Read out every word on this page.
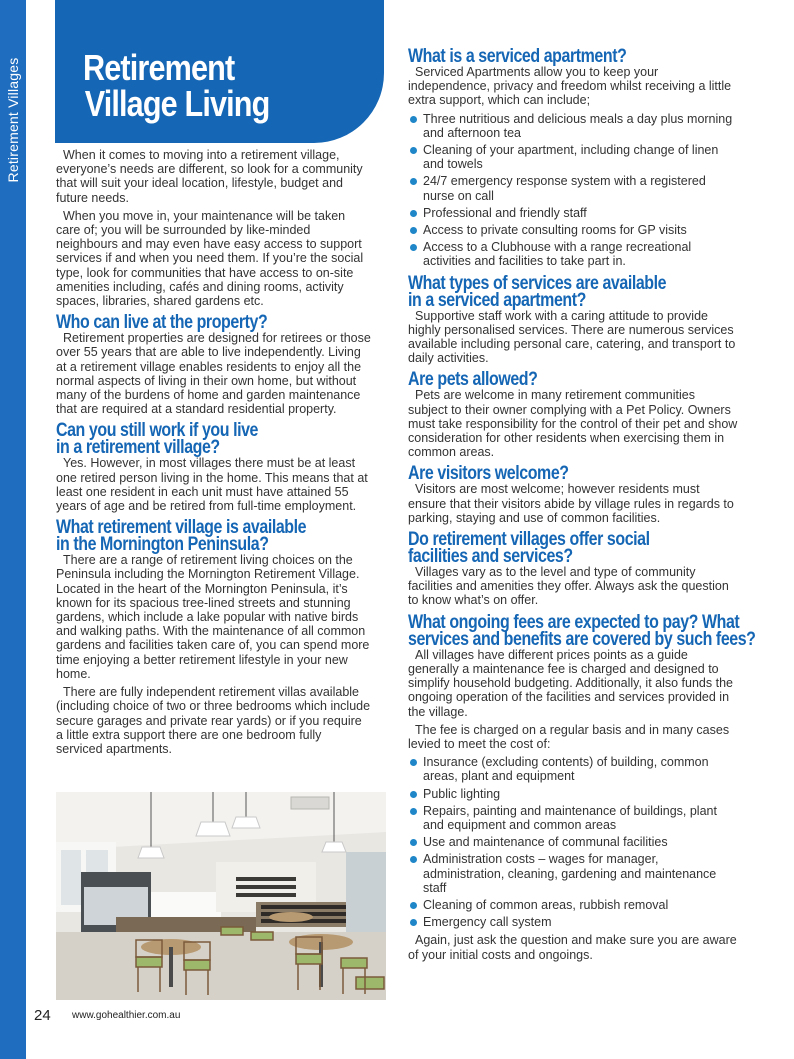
Retirement Villages Retirement
Village Living

When it comes to moving into a retirement village, everyone’s needs are different, so look for a community that will suit your ideal location, lifestyle, budget and future needs.

When you move in, your maintenance will be taken care of; you will be surrounded by like-minded neighbours and may even have easy access to support services if and when you need them. If you’re the social type, look for communities that have access to on-site amenities including, cafés and dining rooms, activity spaces, libraries, shared gardens etc.

Who can live at the property?

Retirement properties are designed for retirees or those over 55 years that are able to live independently. Living at a retirement village enables residents to enjoy all the normal aspects of living in their own home, but without many of the burdens of home and garden maintenance that are required at a standard residential property.

Can you still work if you live
in a retirement village?

Yes. However, in most villages there must be at least one retired person living in the home. This means that at least one resident in each unit must have attained 55 years of age and be retired from full-time employment.

What retirement village is available
in the Mornington Peninsula?

There are a range of retirement living choices on the Peninsula including the Mornington Retirement Village. Located in the heart of the Mornington Peninsula, it’s known for its spacious tree-lined streets and stunning gardens, which include a lake popular with native birds and walking paths. With the maintenance of all common gardens and facilities taken care of, you can spend more time enjoying a better retirement lifestyle in your new home.

There are fully independent retirement villas available (including choice of two or three bedrooms which include secure garages and private rear yards) or if you require a little extra support there are one bedroom fully serviced apartments.

What is a serviced apartment?

Serviced Apartments allow you to keep your independence, privacy and freedom whilst receiving a little extra support, which can include;

Three nutritious and delicious meals a day plus morning and afternoon tea
Cleaning of your apartment, including change of linen and towels
24/7 emergency response system with a registered nurse on call
Professional and friendly staff
Access to private consulting rooms for GP visits
Access to a Clubhouse with a range recreational activities and facilities to take part in.
What types of services are available
in a serviced apartment?

Supportive staff work with a caring attitude to provide highly personalised services. There are numerous services available including personal care, catering, and transport to daily activities.

Are pets allowed?

Pets are welcome in many retirement communities subject to their owner complying with a Pet Policy. Owners must take responsibility for the control of their pet and show consideration for other residents when exercising them in common areas.

Are visitors welcome?

Visitors are most welcome; however residents must ensure that their visitors abide by village rules in regards to parking, staying and use of common facilities.

Do retirement villages offer social
facilities and services?

Villages vary as to the level and type of community facilities and amenities they offer. Always ask the question to know what’s on offer.

What ongoing fees are expected to pay? What
services and benefits are covered by such fees?

All villages have different prices points as a guide generally a maintenance fee is charged and designed to simplify household budgeting. Additionally, it also funds the ongoing operation of the facilities and services provided in the village.

The fee is charged on a regular basis and in many cases levied to meet the cost of:

Insurance (excluding contents) of building, common areas, plant and equipment
Public lighting
Repairs, painting and maintenance of buildings, plant and equipment and common areas
Use and maintenance of communal facilities
Administration costs – wages for manager, administration, cleaning, gardening and maintenance staff
Cleaning of common areas, rubbish removal
Emergency call system

Again, just ask the question and make sure you are aware of your initial costs and ongoings.

24 www.gohealthier.com.au
